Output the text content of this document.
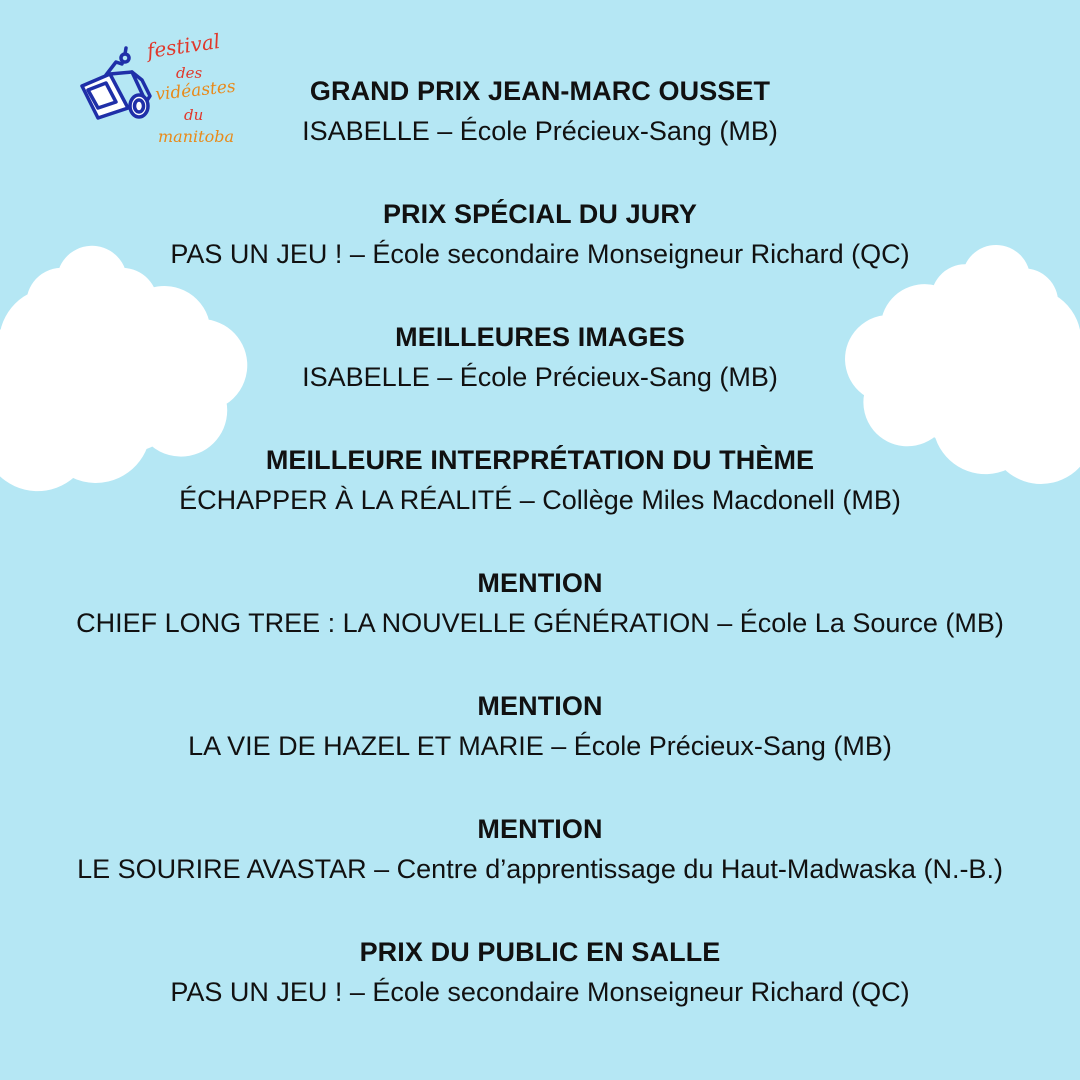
festival
des
vidéastes
du
manitoba
GRAND PRIX JEAN-MARC OUSSET
ISABELLE – École Précieux-Sang (MB)
PRIX SPÉCIAL DU JURY
PAS UN JEU ! – École secondaire Monseigneur Richard (QC)
MEILLEURES IMAGES
ISABELLE – École Précieux-Sang (MB)
MEILLEURE INTERPRÉTATION DU THÈME
ÉCHAPPER À LA RÉALITÉ – Collège Miles Macdonell (MB)
MENTION
CHIEF LONG TREE : LA NOUVELLE GÉNÉRATION – École La Source (MB)
MENTION
LA VIE DE HAZEL ET MARIE – École Précieux-Sang (MB)
MENTION
LE SOURIRE AVASTAR – Centre d’apprentissage du Haut-Madwaska (N.-B.)
PRIX DU PUBLIC EN SALLE
PAS UN JEU ! – École secondaire Monseigneur Richard (QC)
